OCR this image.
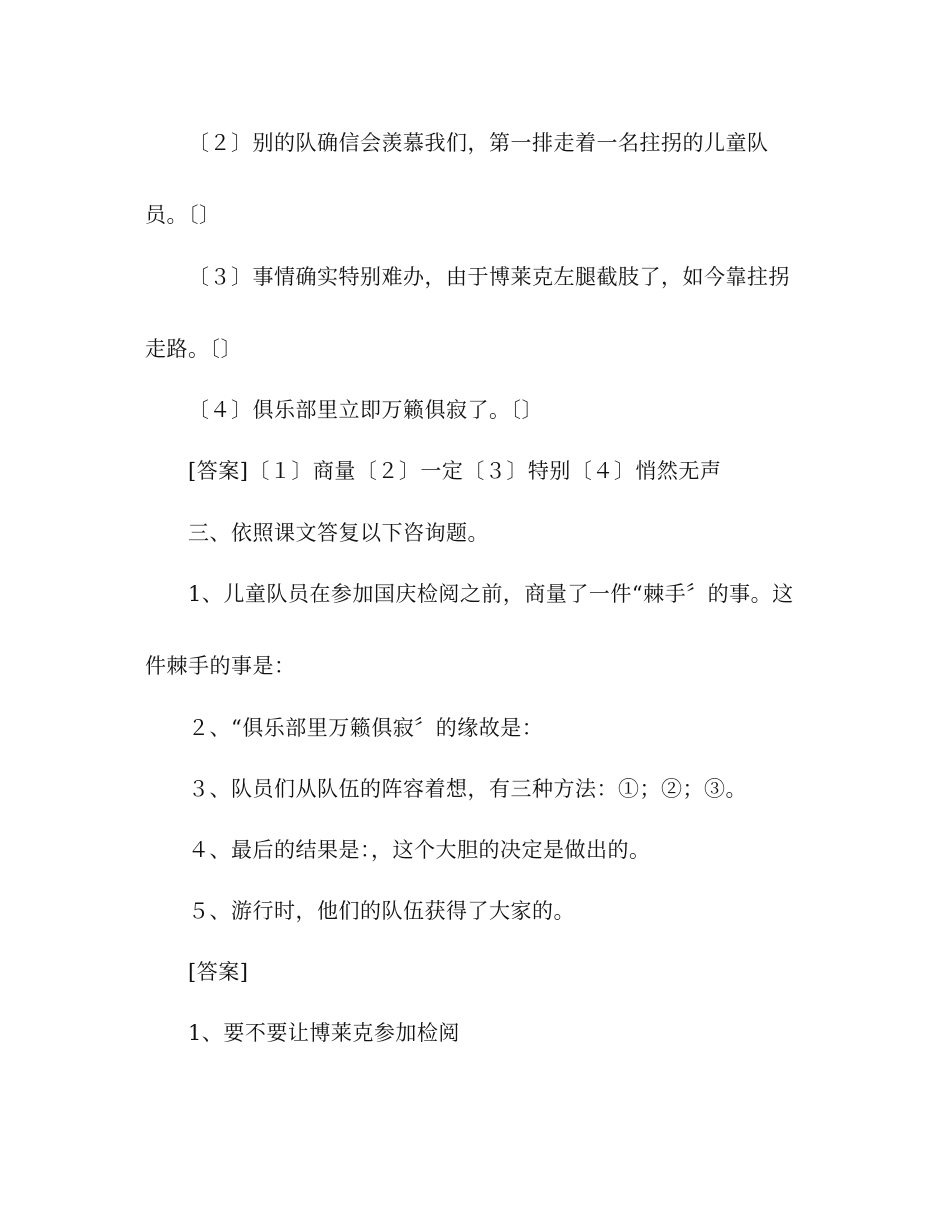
〔２〕别的队确信会羡慕我们，第一排走着一名拄拐的儿童队
员。〔〕
〔３〕事情确实特别难办，由于博莱克左腿截肢了，如今靠拄拐
走路。〔〕
〔４〕俱乐部里立即万籁俱寂了。〔〕
[答案]〔１〕商量〔２〕一定〔３〕特别〔４〕悄然无声
三、依照课文答复以下咨询题。
1、儿童队员在参加国庆检阅之前，商量了一件“棘手〞的事。这
件棘手的事是：
２、“俱乐部里万籁俱寂〞的缘故是：
３、队员们从队伍的阵容着想，有三种方法：①；②；③。
４、最后的结果是：，这个大胆的决定是做出的。
５、游行时，他们的队伍获得了大家的。
[答案]
1、要不要让博莱克参加检阅
